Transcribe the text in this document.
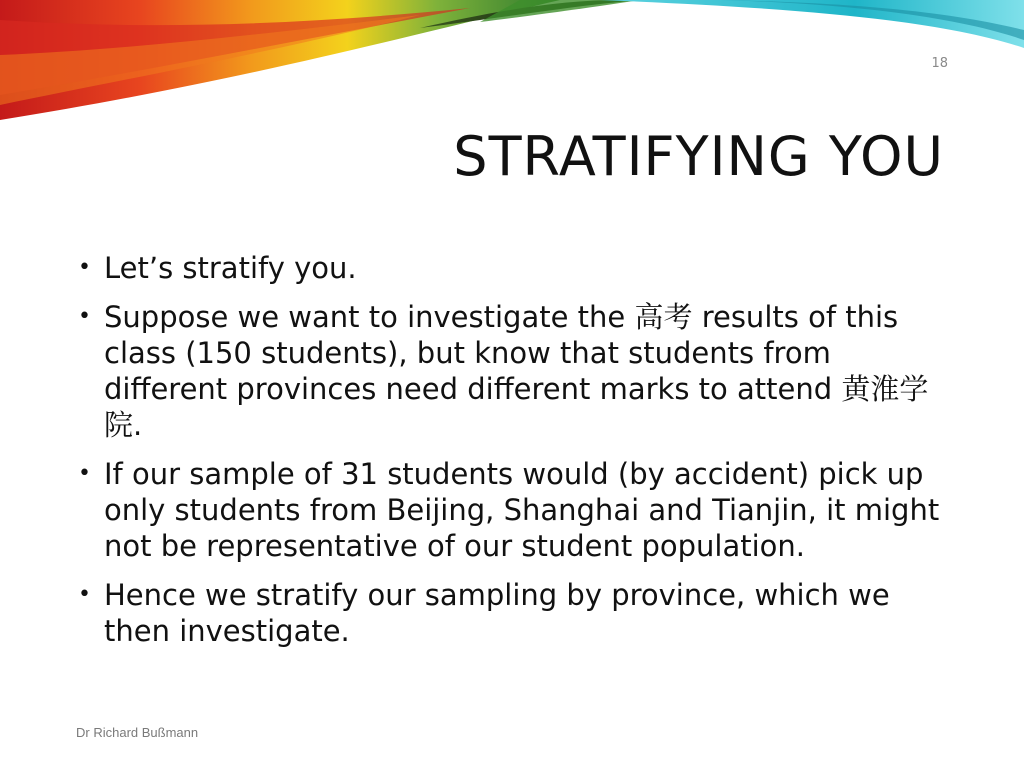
18
STRATIFYING YOU
• Let’s stratify you.
• Suppose we want to investigate the 高考 results of this class (150 students), but know that students from different provinces need different marks to attend 黄淮学院.
• If our sample of 31 students would (by accident) pick up only students from Beijing, Shanghai and Tianjin, it might not be representative of our student population.
• Hence we stratify our sampling by province, which we then investigate.
Dr Richard Bußmann
